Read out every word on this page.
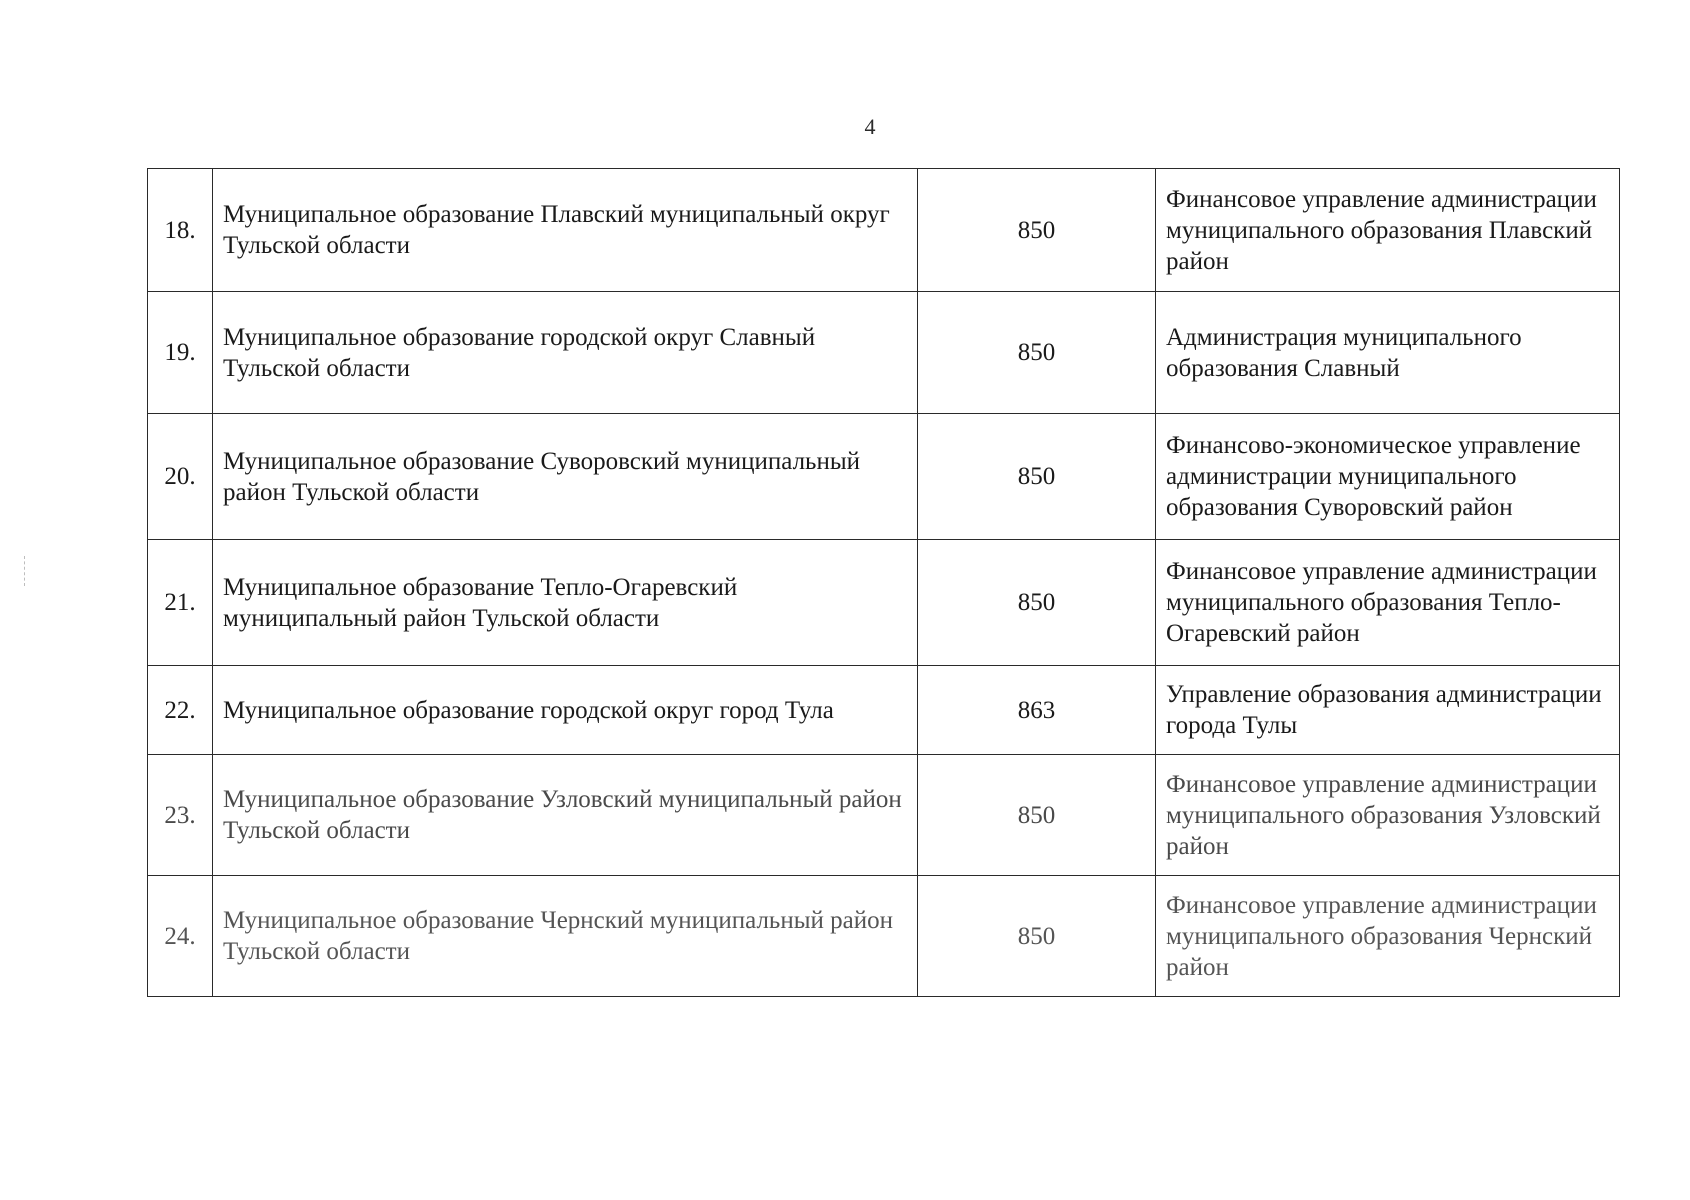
4
18.	Муниципальное образование Плавский муниципальный округ Тульской области	850	Финансовое управление администрации муниципального образования Плавский район
19.	Муниципальное образование городской округ Славный Тульской области	850	Администрация муниципального образования Славный
20.	Муниципальное образование Суворовский муниципальный район Тульской области	850	Финансово-экономическое управление администрации муниципального образования Суворовский район
21.	Муниципальное образование Тепло-Огаревский муниципальный район Тульской области	850	Финансовое управление администрации муниципального образования Тепло-Огаревский район
22.	Муниципальное образование городской округ город Тула	863	Управление образования администрации города Тулы
23.	Муниципальное образование Узловский муниципальный район Тульской области	850	Финансовое управление администрации муниципального образования Узловский район
24.	Муниципальное образование Чернский муниципальный район Тульской области	850	Финансовое управление администрации муниципального образования Чернский район
